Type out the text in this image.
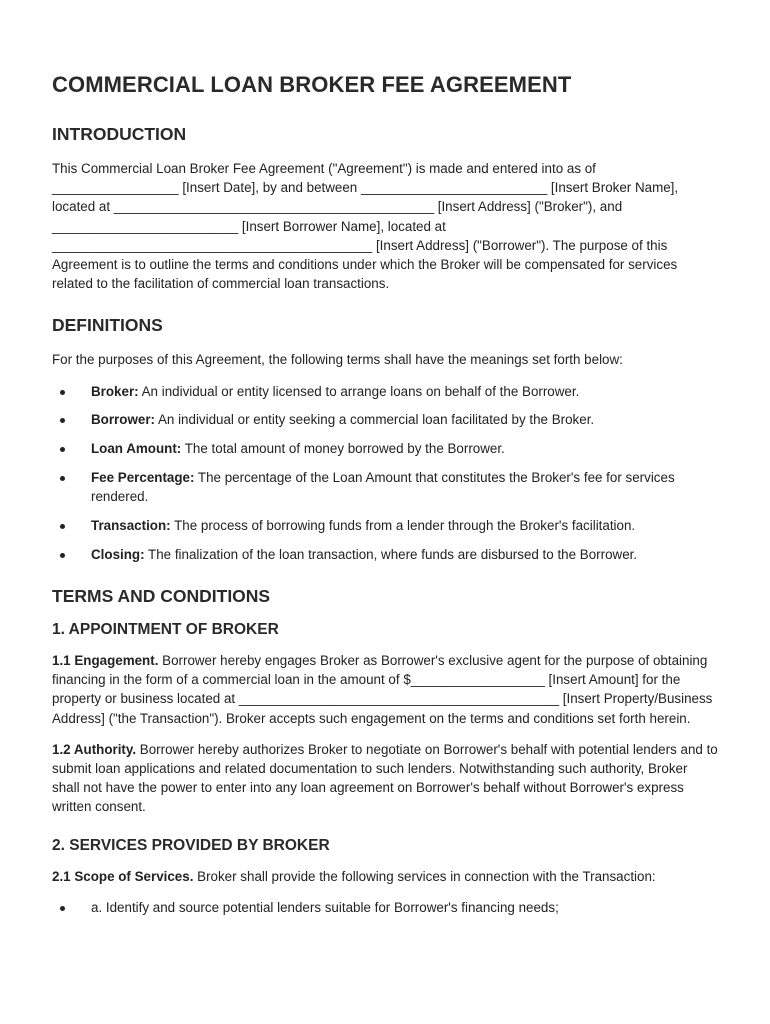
COMMERCIAL LOAN BROKER FEE AGREEMENT
INTRODUCTION

This Commercial Loan Broker Fee Agreement ("Agreement") is made and entered into as of _________________ [Insert Date], by and between _________________________ [Insert Broker Name], located at ___________________________________________ [Insert Address] ("Broker"), and _________________________ [Insert Borrower Name], located at ___________________________________________ [Insert Address] ("Borrower"). The purpose of this Agreement is to outline the terms and conditions under which the Broker will be compensated for services related to the facilitation of commercial loan transactions.

DEFINITIONS

For the purposes of this Agreement, the following terms shall have the meanings set forth below:

Broker: An individual or entity licensed to arrange loans on behalf of the Borrower.
Borrower: An individual or entity seeking a commercial loan facilitated by the Broker.
Loan Amount: The total amount of money borrowed by the Borrower.
Fee Percentage: The percentage of the Loan Amount that constitutes the Broker's fee for services rendered.
Transaction: The process of borrowing funds from a lender through the Broker's facilitation.
Closing: The finalization of the loan transaction, where funds are disbursed to the Borrower.
TERMS AND CONDITIONS
1. APPOINTMENT OF BROKER

1.1 Engagement. Borrower hereby engages Broker as Borrower's exclusive agent for the purpose of obtaining financing in the form of a commercial loan in the amount of $__________________ [Insert Amount] for the property or business located at ___________________________________________ [Insert Property/Business Address] ("the Transaction"). Broker accepts such engagement on the terms and conditions set forth herein.

1.2 Authority. Borrower hereby authorizes Broker to negotiate on Borrower's behalf with potential lenders and to submit loan applications and related documentation to such lenders. Notwithstanding such authority, Broker shall not have the power to enter into any loan agreement on Borrower's behalf without Borrower's express written consent.

2. SERVICES PROVIDED BY BROKER

2.1 Scope of Services. Broker shall provide the following services in connection with the Transaction:

a. Identify and source potential lenders suitable for Borrower's financing needs;
